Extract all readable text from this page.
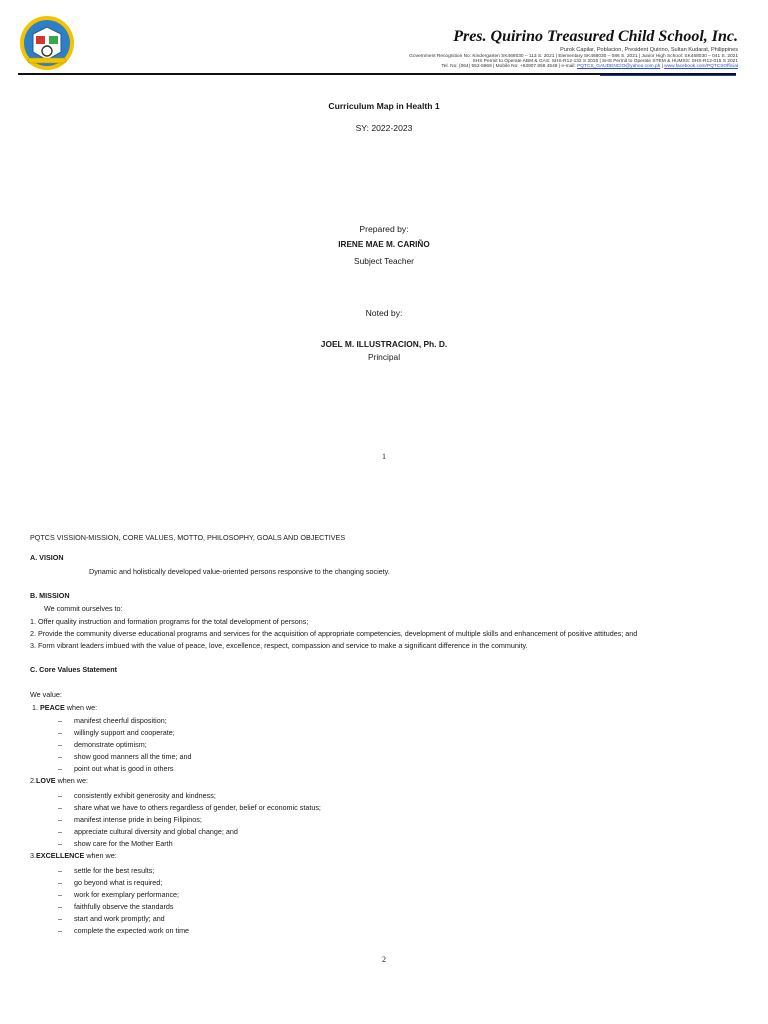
Pres. Quirino Treasured Child School, Inc.
Purok Capilar, Poblacion, President Quirino, Sultan Kudarat, Philippines
Government Recognition No: Kindergarten SK468030 – 113 S. 2021 | Elementary SK468030 – 086 S. 2021 | Junior High School: SK468030 – 041 S. 2021
SHS Permit to Operate ABM & GAS: SHS-R12-132 S 2016 | SHS Permit to Operate STEM & HUMSS: SHS-R12-015 S 2021
Tel. No: (064) 552-5969 | Mobile No: +63907 858 4548 | e-mail: PQTCS_GAUDENCIO@yahoo.com.ph | www.facebook.com/PQTCSOfficial
Curriculum Map in Health 1
SY: 2022-2023
Prepared by:
IRENE MAE M. CARIÑO
Subject Teacher
Noted by:
JOEL M. ILLUSTRACION, Ph. D.
Principal
1
PQTCS VISSION-MISSION, CORE VALUES, MOTTO, PHILOSOPHY, GOALS AND OBJECTIVES
A. VISION
Dynamic and holistically developed value-oriented persons responsive to the changing society.
B. MISSION
We commit ourselves to:
1. Offer quality instruction and formation programs for the total development of persons;
2. Provide the community diverse educational programs and services for the acquisition of appropriate competencies, development of multiple skills and enhancement of positive attitudes; and
3. Form vibrant leaders imbued with the value of peace, love, excellence, respect, compassion and service to make a significant difference in the community.
C. Core Values Statement
We value:
1. PEACE when we:
– manifest cheerful disposition;
– willingly support and cooperate;
– demonstrate optimism;
– show good manners all the time; and
– point out what is good in others
2.LOVE when we:
– consistently exhibit generosity and kindness;
– share what we have to others regardless of gender, belief or economic status;
– manifest intense pride in being Filipinos;
– appreciate cultural diversity and global change; and
– show care for the Mother Earth
3.EXCELLENCE when we:
– settle for the best results;
– go beyond what is required;
– work for exemplary performance;
– faithfully observe the standards
– start and work promptly; and
– complete the expected work on time
2
